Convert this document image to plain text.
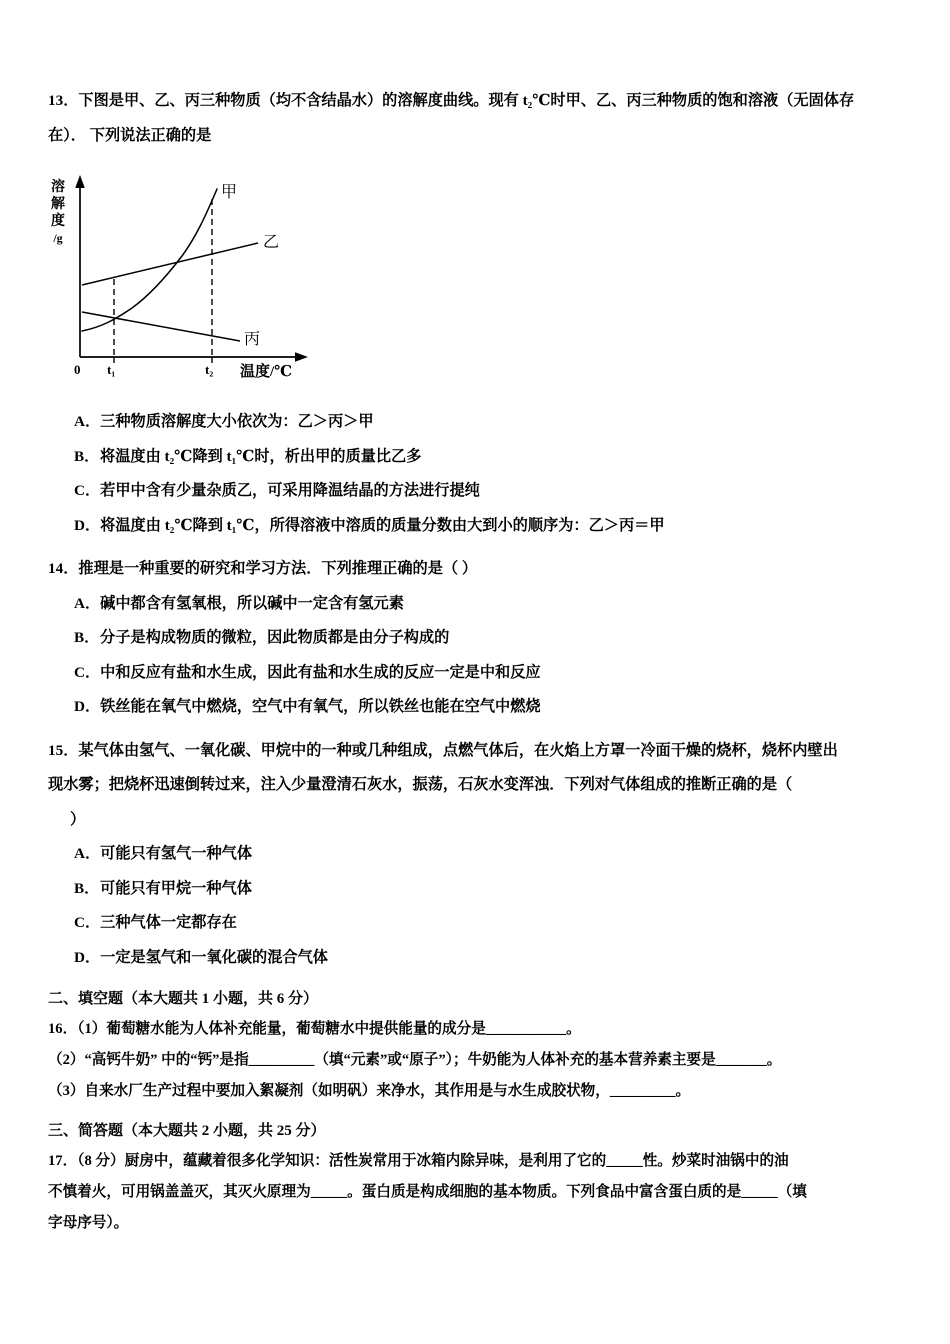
13．下图是甲、乙、丙三种物质（均不含结晶水）的溶解度曲线。现有 t₂℃时甲、乙、丙三种物质的饱和溶液（无固体存

在）． 下列说法正确的是

溶
解
度
/g
甲
乙
丙
0 t₁	t₂ 温度/℃

A．三种物质溶解度大小依次为：乙＞丙＞甲

B．将温度由 t₂℃降到 t₁℃时，析出甲的质量比乙多

C．若甲中含有少量杂质乙，可采用降温结晶的方法进行提纯

D．将温度由 t₂℃降到 t₁℃，所得溶液中溶质的质量分数由大到小的顺序为：乙＞丙＝甲

14．推理是一种重要的研究和学习方法．下列推理正确的是（ ）

A．碱中都含有氢氧根，所以碱中一定含有氢元素

B．分子是构成物质的微粒，因此物质都是由分子构成的

C．中和反应有盐和水生成，因此有盐和水生成的反应一定是中和反应

D．铁丝能在氧气中燃烧，空气中有氧气，所以铁丝也能在空气中燃烧

15．某气体由氢气、一氧化碳、甲烷中的一种或几种组成，点燃气体后，在火焰上方罩一冷面干燥的烧杯，烧杯内壁出

现水雾；把烧杯迅速倒转过来，注入少量澄清石灰水，振荡，石灰水变浑浊．下列对气体组成的推断正确的是（

）

A．可能只有氢气一种气体

B．可能只有甲烷一种气体

C．三种气体一定都存在

D．一定是氢气和一氧化碳的混合气体

二、填空题（本大题共 1 小题，共 6 分）

16．（1）葡萄糖水能为人体补充能量，葡萄糖水中提供能量的成分是___________。

（2）“高钙牛奶” 中的“钙”是指_________（填“元素”或“原子”）；牛奶能为人体补充的基本营养素主要是_______。

（3）自来水厂生产过程中要加入絮凝剂（如明矾）来净水，其作用是与水生成胶状物，_________。

三、简答题（本大题共 2 小题，共 25 分）

17．（8 分）厨房中，蕴藏着很多化学知识：活性炭常用于冰箱内除异味，是利用了它的_____性。炒菜时油锅中的油

不慎着火，可用锅盖盖灭，其灭火原理为_____。蛋白质是构成细胞的基本物质。下列食品中富含蛋白质的是_____（填

字母序号）。
